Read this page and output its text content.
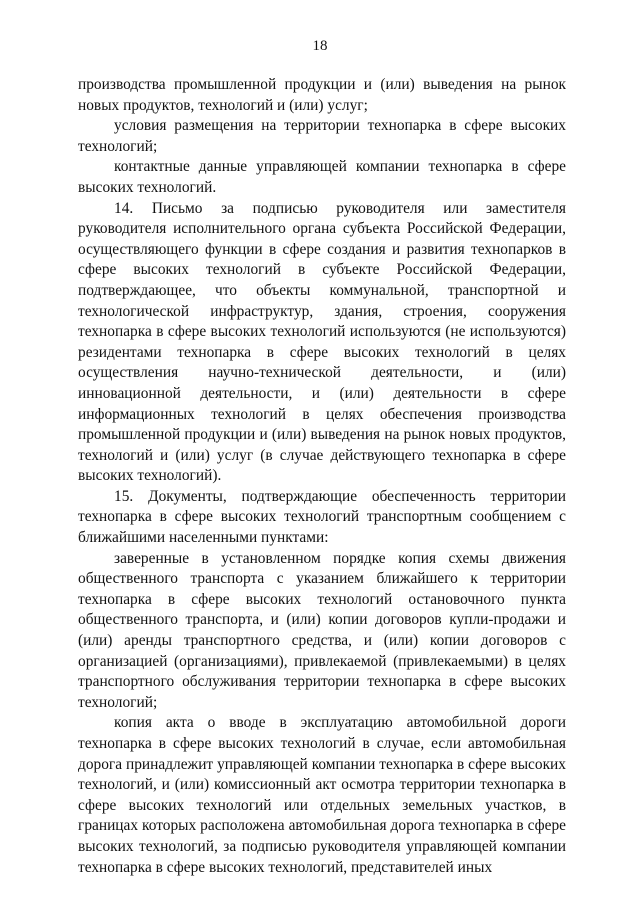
18

производства промышленной продукции и (или) выведения на рынок новых продуктов, технологий и (или) услуг;

условия размещения на территории технопарка в сфере высоких технологий;

контактные данные управляющей компании технопарка в сфере высоких технологий.

14. Письмо за подписью руководителя или заместителя руководителя исполнительного органа субъекта Российской Федерации, осуществляющего функции в сфере создания и развития технопарков в сфере высоких технологий в субъекте Российской Федерации, подтверждающее, что объекты коммунальной, транспортной и технологической инфраструктур, здания, строения, сооружения технопарка в сфере высоких технологий используются (не используются) резидентами технопарка в сфере высоких технологий в целях осуществления научно-технической деятельности, и (или) инновационной деятельности, и (или) деятельности в сфере информационных технологий в целях обеспечения производства промышленной продукции и (или) выведения на рынок новых продуктов, технологий и (или) услуг (в случае действующего технопарка в сфере высоких технологий).

15. Документы, подтверждающие обеспеченность территории технопарка в сфере высоких технологий транспортным сообщением с ближайшими населенными пунктами:

заверенные в установленном порядке копия схемы движения общественного транспорта с указанием ближайшего к территории технопарка в сфере высоких технологий остановочного пункта общественного транспорта, и (или) копии договоров купли-продажи и (или) аренды транспортного средства, и (или) копии договоров с организацией (организациями), привлекаемой (привлекаемыми) в целях транспортного обслуживания территории технопарка в сфере высоких технологий;

копия акта о вводе в эксплуатацию автомобильной дороги технопарка в сфере высоких технологий в случае, если автомобильная дорога принадлежит управляющей компании технопарка в сфере высоких технологий, и (или) комиссионный акт осмотра территории технопарка в сфере высоких технологий или отдельных земельных участков, в границах которых расположена автомобильная дорога технопарка в сфере высоких технологий, за подписью руководителя управляющей компании технопарка в сфере высоких технологий, представителей иных
